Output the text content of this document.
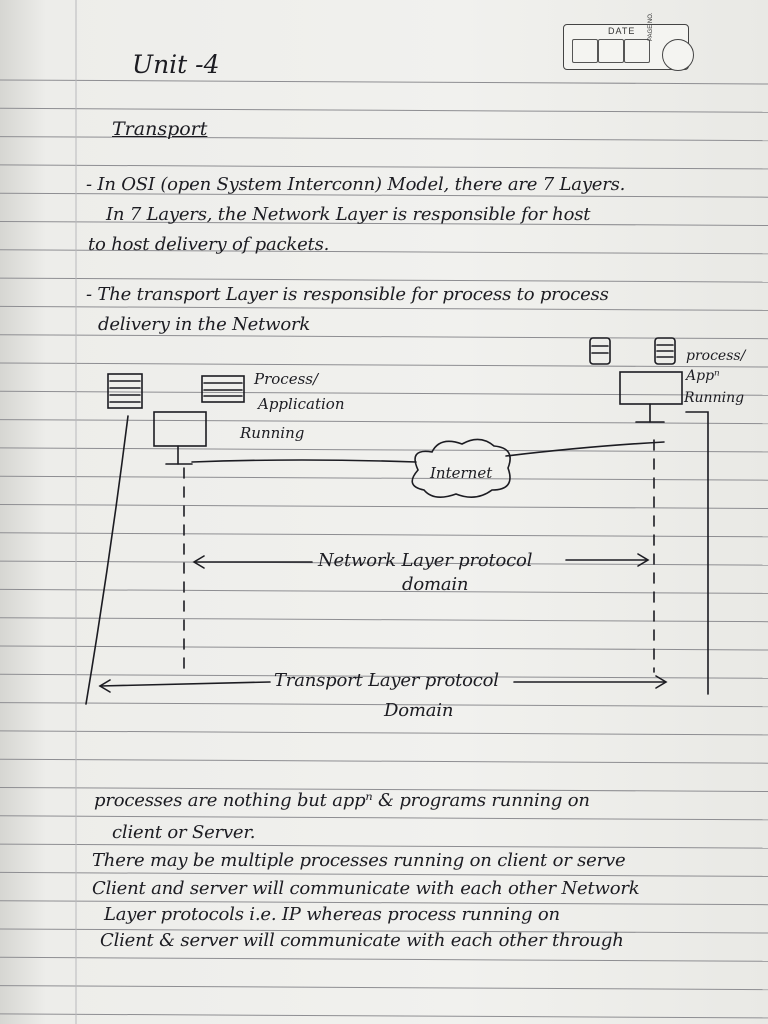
DATE PAGE NO.
Unit -4
Transport
- In OSI (open System Interconn) Model, there are 7 Layers.
In 7 Layers, the Network Layer is responsible for host
to host delivery of packets.
- The transport Layer is responsible for process to process
delivery in the Network
Internet
Process/
Application
Running
process/
Appⁿ
Running
Network Layer protocol
domain
Transport Layer protocol
Domain
processes are nothing but appⁿ & programs running on
client or Server.
There may be multiple processes running on client or serve
Client and server will communicate with each other Network
Layer protocols i.e. IP whereas process running on
Client & server will communicate with each other through
